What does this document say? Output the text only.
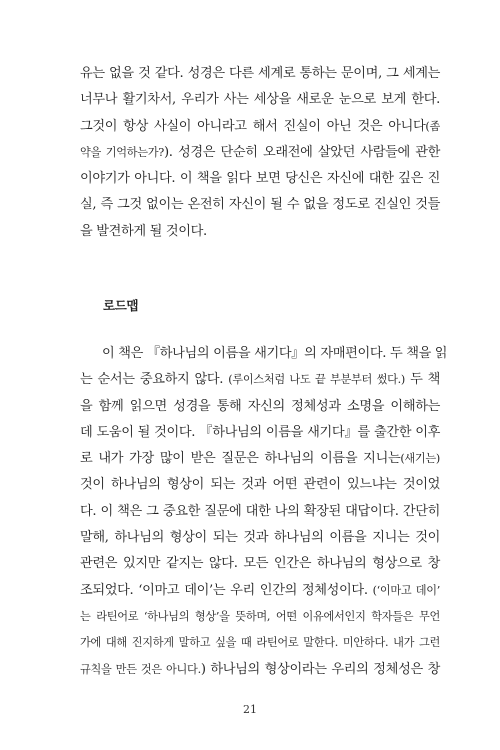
유는 없을 것 같다. 성경은 다른 세계로 통하는 문이며, 그 세계는
너무나 활기차서, 우리가 사는 세상을 새로운 눈으로 보게 한다.
그것이 항상 사실이 아니라고 해서 진실이 아닌 것은 아니다(좀
약을 기억하는가?). 성경은 단순히 오래전에 살았던 사람들에 관한
이야기가 아니다. 이 책을 읽다 보면 당신은 자신에 대한 깊은 진
실, 즉 그것 없이는 온전히 자신이 될 수 없을 정도로 진실인 것들
을 발견하게 될 것이다.
로드맵
이 책은 『하나님의 이름을 새기다』의 자매편이다. 두 책을 읽
는 순서는 중요하지 않다. (루이스처럼 나도 끝 부분부터 썼다.) 두 책
을 함께 읽으면 성경을 통해 자신의 정체성과 소명을 이해하는
데 도움이 될 것이다. 『하나님의 이름을 새기다』를 출간한 이후
로 내가 가장 많이 받은 질문은 하나님의 이름을 지니는(새기는)
것이 하나님의 형상이 되는 것과 어떤 관련이 있느냐는 것이었
다. 이 책은 그 중요한 질문에 대한 나의 확장된 대답이다. 간단히
말해, 하나님의 형상이 되는 것과 하나님의 이름을 지니는 것이
관련은 있지만 같지는 않다. 모든 인간은 하나님의 형상으로 창
조되었다. ‘이마고 데이’는 우리 인간의 정체성이다. (‘이마고 데이’
는 라틴어로 ‘하나님의 형상’을 뜻하며, 어떤 이유에서인지 학자들은 무언
가에 대해 진지하게 말하고 싶을 때 라틴어로 말한다. 미안하다. 내가 그런
규칙을 만든 것은 아니다.) 하나님의 형상이라는 우리의 정체성은 창
21
